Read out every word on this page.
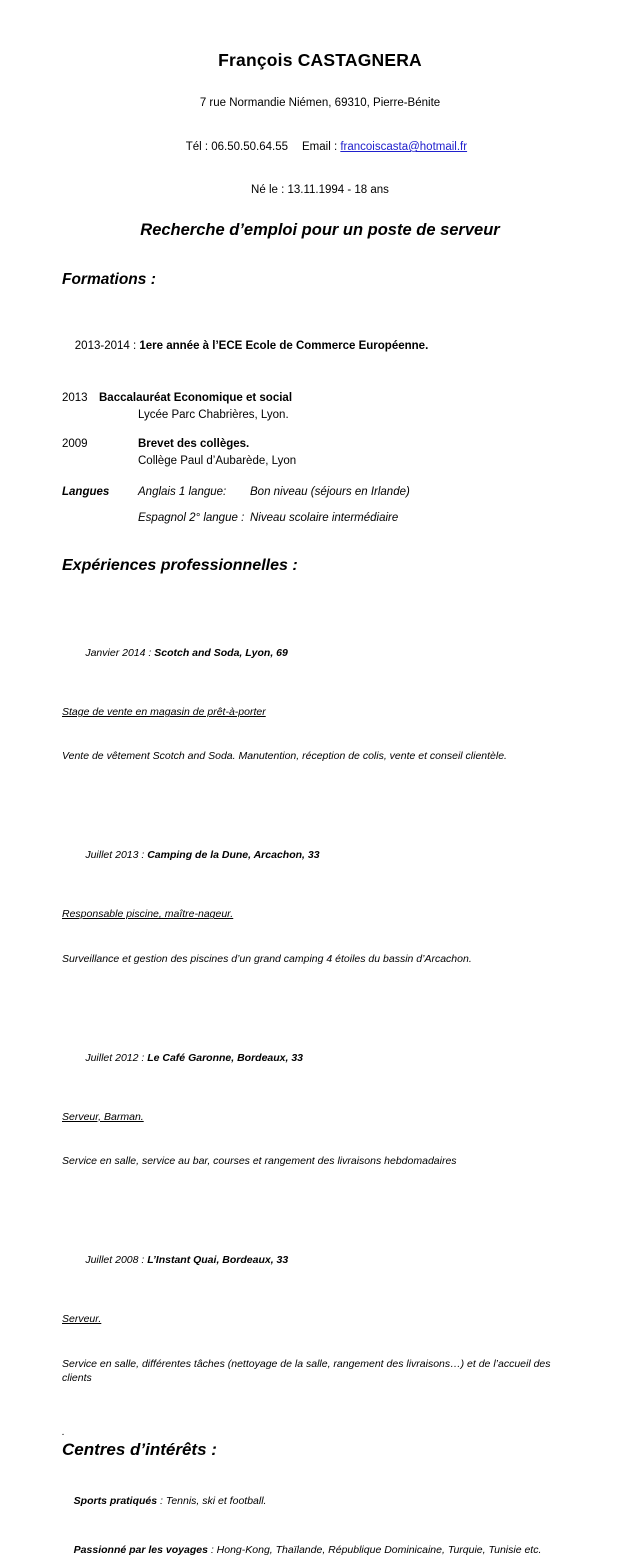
François CASTAGNERA
7 rue Normandie Niémen, 69310, Pierre-Bénite

Tél : 06.50.50.64.55 Email : francoiscasta@hotmail.fr

Né le : 13.11.1994 - 18 ans
Recherche d’emploi pour un poste de serveur
Formations :

2013-2014 : 1ere année à l’ECE Ecole de Commerce Européenne.

2013 Baccalauréat Economique et social
Lycée Parc Chabrières, Lyon.
2009	Brevet des collèges.
Collège Paul d’Aubarède, Lyon
Langues Anglais 1 langue: Bon niveau (séjours en Irlande)
Espagnol 2° langue : Niveau scolaire intermédiaire
Expériences professionnelles :

Janvier 2014 : Scotch and Soda, Lyon, 69

Stage de vente en magasin de prêt-à-porter

Vente de vêtement Scotch and Soda. Manutention, réception de colis, vente et conseil clientèle.

Juillet 2013 : Camping de la Dune, Arcachon, 33

Responsable piscine, maître-nageur.

Surveillance et gestion des piscines d’un grand camping 4 étoiles du bassin d’Arcachon.

Juillet 2012 : Le Café Garonne, Bordeaux, 33

Serveur, Barman.

Service en salle, service au bar, courses et rangement des livraisons hebdomadaires

Juillet 2008 : L’Instant Quai, Bordeaux, 33

Serveur.

Service en salle, différentes tâches (nettoyage de la salle, rangement des livraisons…) et de l’accueil des clients

.
Centres d’intérêts :

Sports pratiqués : Tennis, ski et football.

Passionné par les voyages : Hong-Kong, Thaïlande, République Dominicaine, Turquie, Tunisie etc.
